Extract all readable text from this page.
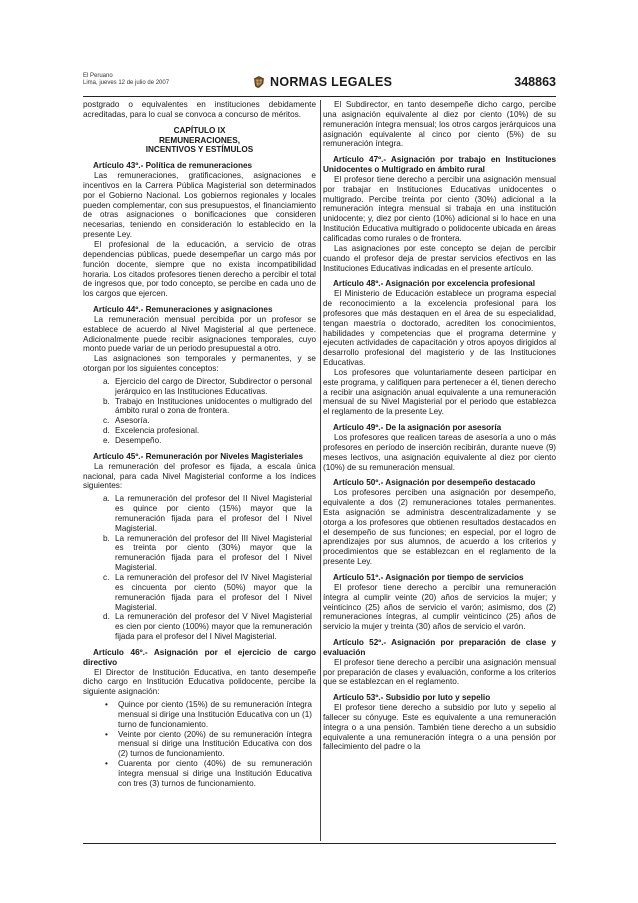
El Peruano
Lima, jueves 12 de julio de 2007	NORMAS LEGALES	348863

postgrado o equivalentes en instituciones debidamente acreditadas, para lo cual se convoca a concurso de méritos.

CAPÍTULO IX
REMUNERACIONES,
INCENTIVOS Y ESTÍMULOS

Artículo 43º.- Política de remuneraciones

Las remuneraciones, gratificaciones, asignaciones e incentivos en la Carrera Pública Magisterial son determinados por el Gobierno Nacional. Los gobiernos regionales y locales pueden complementar, con sus presupuestos, el financiamiento de otras asignaciones o bonificaciones que consideren necesarias, teniendo en consideración lo establecido en la presente Ley.

El profesional de la educación, a servicio de otras dependencias públicas, puede desempeñar un cargo más por función docente, siempre que no exista incompatibilidad horaria. Los citados profesores tienen derecho a percibir el total de ingresos que, por todo concepto, se percibe en cada uno de los cargos que ejercen.

Artículo 44º.- Remuneraciones y asignaciones

La remuneración mensual percibida por un profesor se establece de acuerdo al Nivel Magisterial al que pertenece. Adicionalmente puede recibir asignaciones temporales, cuyo monto puede variar de un periodo presupuestal a otro.

Las asignaciones son temporales y permanentes, y se otorgan por los siguientes conceptos:

a. Ejercicio del cargo de Director, Subdirector o personal jerárquico en las Instituciones Educativas.
b. Trabajo en Instituciones unidocentes o multigrado del ámbito rural o zona de frontera.
c. Asesoría.
d. Excelencia profesional.
e. Desempeño.

Artículo 45º.- Remuneración por Niveles Magisteriales

La remuneración del profesor es fijada, a escala única nacional, para cada Nivel Magisterial conforme a los índices siguientes:

a. La remuneración del profesor del II Nivel Magisterial es quince por ciento (15%) mayor que la remuneración fijada para el profesor del I Nivel Magisterial.
b. La remuneración del profesor del III Nivel Magisterial es treinta por ciento (30%) mayor que la remuneración fijada para el profesor del I Nivel Magisterial.
c. La remuneración del profesor del IV Nivel Magisterial es cincuenta por ciento (50%) mayor que la remuneración fijada para el profesor del I Nivel Magisterial.
d. La remuneración del profesor del V Nivel Magisterial es cien por ciento (100%) mayor que la remuneración fijada para el profesor del I Nivel Magisterial.

Artículo 46º.- Asignación por el ejercicio de cargo directivo

El Director de Institución Educativa, en tanto desempeñe dicho cargo en Institución Educativa polidocente, percibe la siguiente asignación:

• Quince por ciento (15%) de su remuneración íntegra mensual si dirige una Institución Educativa con un (1) turno de funcionamiento.
• Veinte por ciento (20%) de su remuneración íntegra mensual si dirige una Institución Educativa con dos (2) turnos de funcionamiento.
• Cuarenta por ciento (40%) de su remuneración íntegra mensual si dirige una Institución Educativa con tres (3) turnos de funcionamiento.

El Subdirector, en tanto desempeñe dicho cargo, percibe una asignación equivalente al diez por ciento (10%) de su remuneración íntegra mensual; los otros cargos jerárquicos una asignación equivalente al cinco por ciento (5%) de su remuneración íntegra.

Artículo 47º.- Asignación por trabajo en Instituciones Unidocentes o Multigrado en ámbito rural

El profesor tiene derecho a percibir una asignación mensual por trabajar en Instituciones Educativas unidocentes o multigrado. Percibe treinta por ciento (30%) adicional a la remuneración íntegra mensual si trabaja en una institución unidocente; y, diez por ciento (10%) adicional si lo hace en una Institución Educativa multigrado o polidocente ubicada en áreas calificadas como rurales o de frontera.

Las asignaciones por este concepto se dejan de percibir cuando el profesor deja de prestar servicios efectivos en las Instituciones Educativas indicadas en el presente artículo.

Artículo 48º.- Asignación por excelencia profesional

El Ministerio de Educación establece un programa especial de reconocimiento a la excelencia profesional para los profesores que más destaquen en el área de su especialidad, tengan maestría o doctorado, acrediten los conocimientos, habilidades y competencias que el programa determine y ejecuten actividades de capacitación y otros apoyos dirigidos al desarrollo profesional del magisterio y de las Instituciones Educativas.

Los profesores que voluntariamente deseen participar en este programa, y califiquen para pertenecer a él, tienen derecho a recibir una asignación anual equivalente a una remuneración mensual de su Nivel Magisterial por el periodo que establezca el reglamento de la presente Ley.

Artículo 49º.- De la asignación por asesoría

Los profesores que realicen tareas de asesoría a uno o más profesores en período de inserción recibirán, durante nueve (9) meses lectivos, una asignación equivalente al diez por ciento (10%) de su remuneración mensual.

Artículo 50º.- Asignación por desempeño destacado

Los profesores perciben una asignación por desempeño, equivalente a dos (2) remuneraciones totales permanentes. Esta asignación se administra descentralizadamente y se otorga a los profesores que obtienen resultados destacados en el desempeño de sus funciones; en especial, por el logro de aprendizajes por sus alumnos, de acuerdo a los criterios y procedimientos que se establezcan en el reglamento de la presente Ley.

Artículo 51º.- Asignación por tiempo de servicios

El profesor tiene derecho a percibir una remuneración íntegra al cumplir veinte (20) años de servicios la mujer; y veinticinco (25) años de servicio el varón; asimismo, dos (2) remuneraciones íntegras, al cumplir veinticinco (25) años de servicio la mujer y treinta (30) años de servicio el varón.

Artículo 52º.- Asignación por preparación de clase y evaluación

El profesor tiene derecho a percibir una asignación mensual por preparación de clases y evaluación, conforme a los criterios que se establezcan en el reglamento.

Artículo 53º.- Subsidio por luto y sepelio

El profesor tiene derecho a subsidio por luto y sepelio al fallecer su cónyuge. Este es equivalente a una remuneración íntegra o a una pensión. También tiene derecho a un subsidio equivalente a una remuneración íntegra o a una pensión por fallecimiento del padre o la
